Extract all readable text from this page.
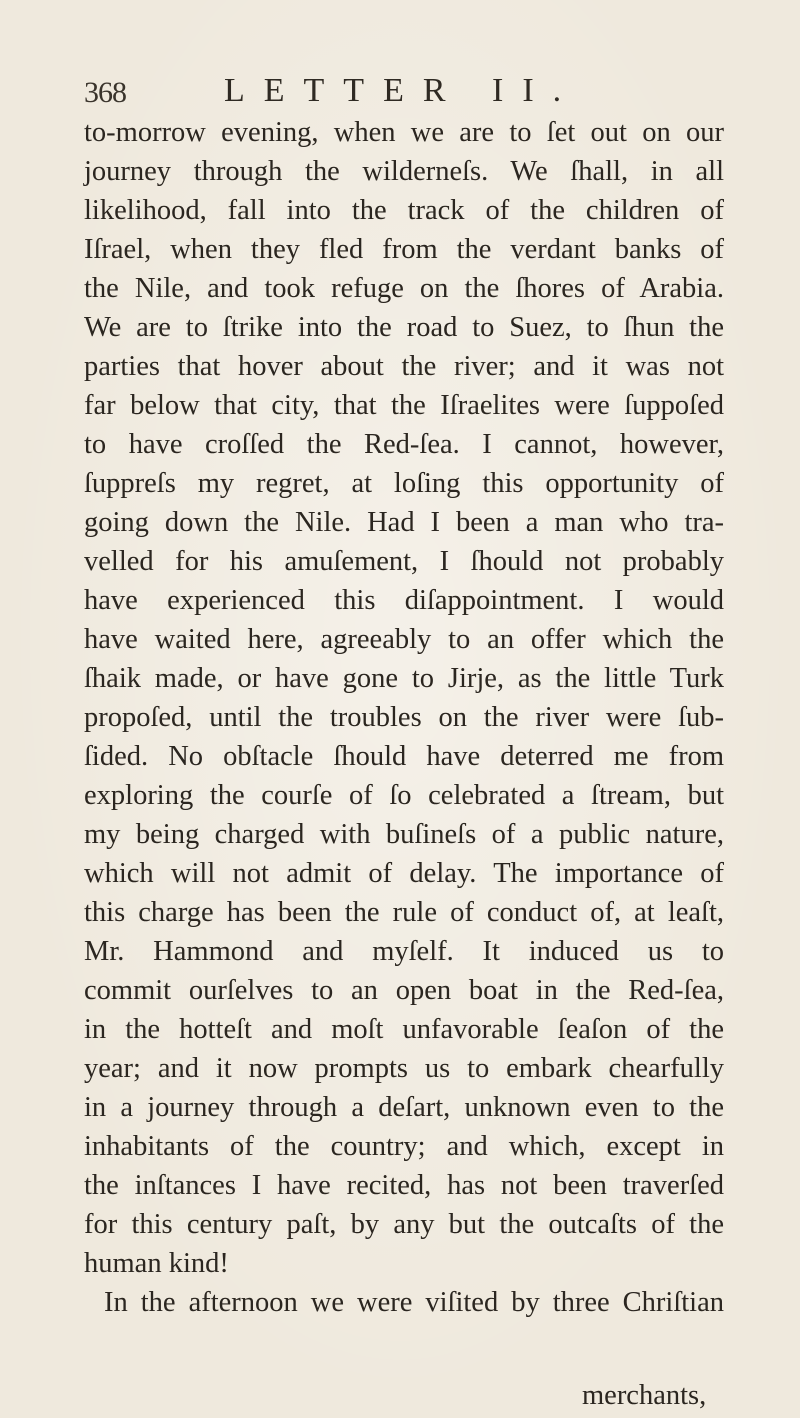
368	LETTER II.
to-morrow evening, when we are to ſet out on our
journey through the wilderneſs. We ſhall, in all
likelihood, fall into the track of the children of
Iſrael, when they fled from the verdant banks of
the Nile, and took refuge on the ſhores of Arabia.
We are to ſtrike into the road to Suez, to ſhun the
parties that hover about the river; and it was not
far below that city, that the Iſraelites were ſuppoſed
to have croſſed the Red-ſea. I cannot, however,
ſuppreſs my regret, at loſing this opportunity of
going down the Nile. Had I been a man who tra-
velled for his amuſement, I ſhould not probably
have experienced this diſappointment. I would
have waited here, agreeably to an offer which the
ſhaik made, or have gone to Jirje, as the little Turk
propoſed, until the troubles on the river were ſub-
ſided. No obſtacle ſhould have deterred me from
exploring the courſe of ſo celebrated a ſtream, but
my being charged with buſineſs of a public nature,
which will not admit of delay. The importance of
this charge has been the rule of conduct of, at leaſt,
Mr. Hammond and myſelf. It induced us to
commit ourſelves to an open boat in the Red-ſea,
in the hotteſt and moſt unfavorable ſeaſon of the
year; and it now prompts us to embark chearfully
in a journey through a deſart, unknown even to the
inhabitants of the country; and which, except in
the inſtances I have recited, has not been traverſed
for this century paſt, by any but the outcaſts of the
human kind!
In the afternoon we were viſited by three Chriſtian
merchants,
